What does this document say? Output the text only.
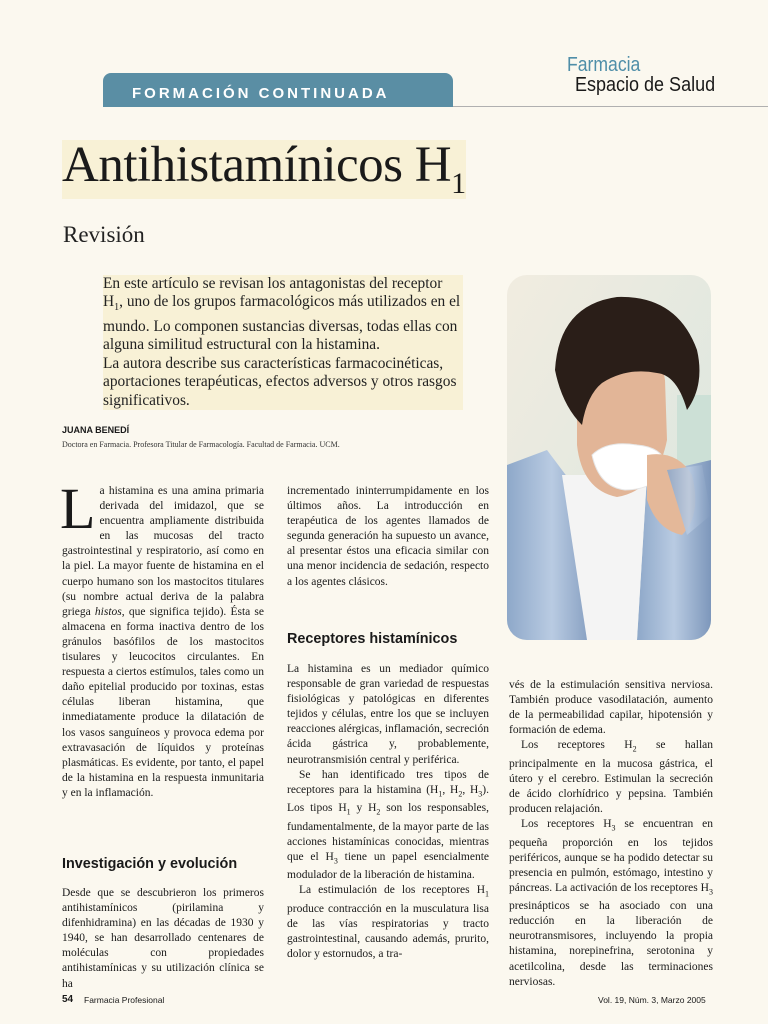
FORMACIÓN CONTINUADA
Farmacia
Espacio de Salud
Antihistamínicos $H_1$
Revisión
En este artículo se revisan los antagonistas del receptor $H_1$, uno de los grupos farmacológicos más utilizados en el mundo. Lo componen sustancias diversas, todas ellas con alguna similitud estructural con la histamina.
La autora describe sus características farmacocinéticas, aportaciones terapéuticas, efectos adversos y otros rasgos significativos.
JUANA BENEDÍ
Doctora en Farmacia. Profesora Titular de Farmacología. Facultad de Farmacia. UCM.

La histamina es una amina primaria derivada del imidazol, que se encuentra ampliamente distribuida en las mucosas del tracto gastrointestinal y respiratorio, así como en la piel. La mayor fuente de histamina en el cuerpo humano son los mastocitos titulares (su nombre actual deriva de la palabra griega histos, que significa tejido). Ésta se almacena en forma inactiva dentro de los gránulos basófilos de los mastocitos tisulares y leucocitos circulantes. En respuesta a ciertos estímulos, tales como un daño epitelial producido por toxinas, estas células liberan histamina, que inmediatamente produce la dilatación de los vasos sanguíneos y provoca edema por extravasación de líquidos y proteínas plasmáticas. Es evidente, por tanto, el papel de la histamina en la respuesta inmunitaria y en la inflamación.

Investigación y evolución

Desde que se descubrieron los primeros antihistamínicos (pirilamina y difenhidramina) en las décadas de 1930 y 1940, se han desarrollado centenares de moléculas con propiedades antihistamínicas y su utilización clínica se ha

incrementado ininterrumpidamente en los últimos años. La introducción en terapéutica de los agentes llamados de segunda generación ha supuesto un avance, al presentar éstos una eficacia similar con una menor incidencia de sedación, respecto a los agentes clásicos.

Receptores histamínicos

La histamina es un mediador químico responsable de gran variedad de respuestas fisiológicas y patológicas en diferentes tejidos y células, entre los que se incluyen reacciones alérgicas, inflamación, secreción ácida gástrica y, probablemente, neurotransmisión central y periférica.

Se han identificado tres tipos de receptores para la histamina ($H_1$, $H_2$, $H_3$). Los tipos $H_1$ y $H_2$ son los responsables, fundamentalmente, de la mayor parte de las acciones histamínicas conocidas, mientras que el $H_3$ tiene un papel esencialmente modulador de la liberación de histamina.

La estimulación de los receptores $H_1$ produce contracción en la musculatura lisa de las vías respiratorias y tracto gastrointestinal, causando además, prurito, dolor y estornudos, a tra-

vés de la estimulación sensitiva nerviosa. También produce vasodilatación, aumento de la permeabilidad capilar, hipotensión y formación de edema.

Los receptores $H_2$ se hallan principalmente en la mucosa gástrica, el útero y el cerebro. Estimulan la secreción de ácido clorhídrico y pepsina. También producen relajación.

Los receptores $H_3$ se encuentran en pequeña proporción en los tejidos periféricos, aunque se ha podido detectar su presencia en pulmón, estómago, intestino y páncreas. La activación de los receptores $H_3$ presinápticos se ha asociado con una reducción en la liberación de neurotransmisores, incluyendo la propia histamina, norepinefrina, serotonina y acetilcolina, desde las terminaciones nerviosas.

54 Farmacia Profesional	Vol. 19, Núm. 3, Marzo 2005
